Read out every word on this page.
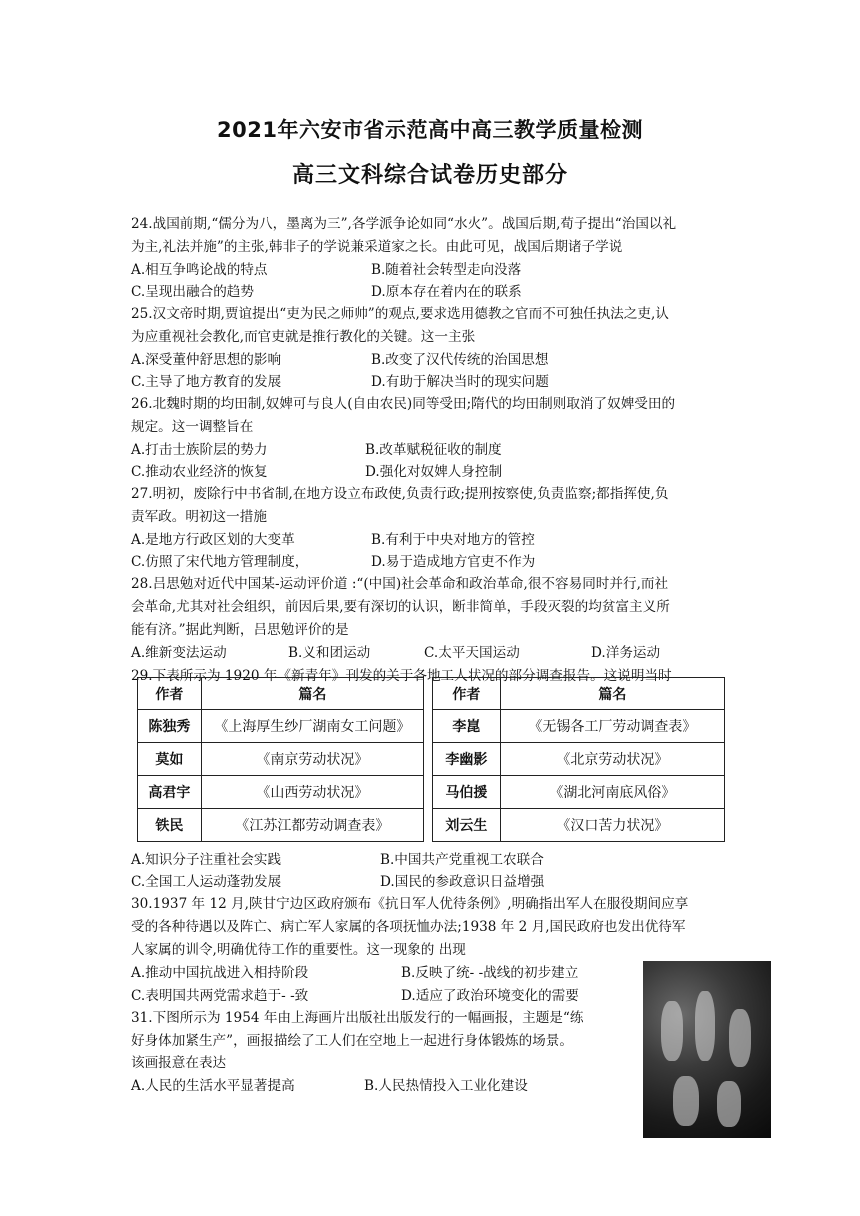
2021年六安市省示范高中高三教学质量检测
高三文科综合试卷历史部分
24.战国前期,“儒分为八，墨离为三”,各学派争论如同“水火”。战国后期,荀子提出“治国以礼
为主,礼法并施”的主张,韩非子的学说兼采道家之长。由此可见，战国后期诸子学说
A.相互争鸣论战的特点	B.随着社会转型走向没落
C.呈现出融合的趋势	D.原本存在着内在的联系
25.汉文帝时期,贾谊提出“吏为民之师帅”的观点,要求选用德教之官而不可独任执法之吏,认
为应重视社会教化,而官吏就是推行教化的关键。这一主张
A.深受董仲舒思想的影响	B.改变了汉代传统的治国思想
C.主导了地方教育的发展	D.有助于解决当时的现实问题
26.北魏时期的均田制,奴婢可与良人(自由农民)同等受田;隋代的均田制则取消了奴婢受田的
规定。这一调整旨在
A.打击士族阶层的势力	B.改革赋税征收的制度
C.推动农业经济的恢复	D.强化对奴婢人身控制
27.明初，废除行中书省制,在地方设立布政使,负责行政;提刑按察使,负责监察;都指挥使,负
责军政。明初这一措施
A.是地方行政区划的大变革	B.有利于中央对地方的管控
C.仿照了宋代地方管理制度，	D.易于造成地方官吏不作为
28.吕思勉对近代中国某-运动评价道 :“(中国)社会革命和政治革命,很不容易同时并行,而社
会革命,尤其对社会组织，前因后果,要有深切的认识，断非简单，手段灭裂的均贫富主义所
能有济。”据此判断，吕思勉评价的是
A.维新变法运动	B.义和团运动	C.太平天国运动	D.洋务运动
29.下表所示为 1920 年《新青年》刊发的关于各地工人状况的部分调查报告。这说明当时
作者	篇名
陈独秀	《上海厚生纱厂湖南女工问题》
莫如	《南京劳动状况》
高君宇	《山西劳动状况》
铁民	《江苏江都劳动调查表》
作者	篇名
李崑	《无锡各工厂劳动调查表》
李幽影	《北京劳动状况》
马伯援	《湖北河南底风俗》
刘云生	《汉口苦力状况》
A.知识分子注重社会实践	B.中国共产党重视工农联合
C.全国工人运动蓬勃发展	D.国民的参政意识日益增强
30.1937 年 12 月,陕甘宁边区政府颁布《抗日军人优待条例》,明确指出军人在服役期间应享
受的各种待遇以及阵亡、病亡军人家属的各项抚恤办法;1938 年 2 月,国民政府也发出优待军
人家属的训令,明确优待工作的重要性。这一现象的 出现
A.推动中国抗战进入相持阶段	B.反映了统- -战线的初步建立
C.表明国共两党需求趋于- -致	D.适应了政治环境变化的需要
31.下图所示为 1954 年由上海画片出版社出版发行的一幅画报，主题是“练
好身体加紧生产”，画报描绘了工人们在空地上一起进行身体锻炼的场景。
该画报意在表达
A.人民的生活水平显著提高	B.人民热情投入工业化建设
